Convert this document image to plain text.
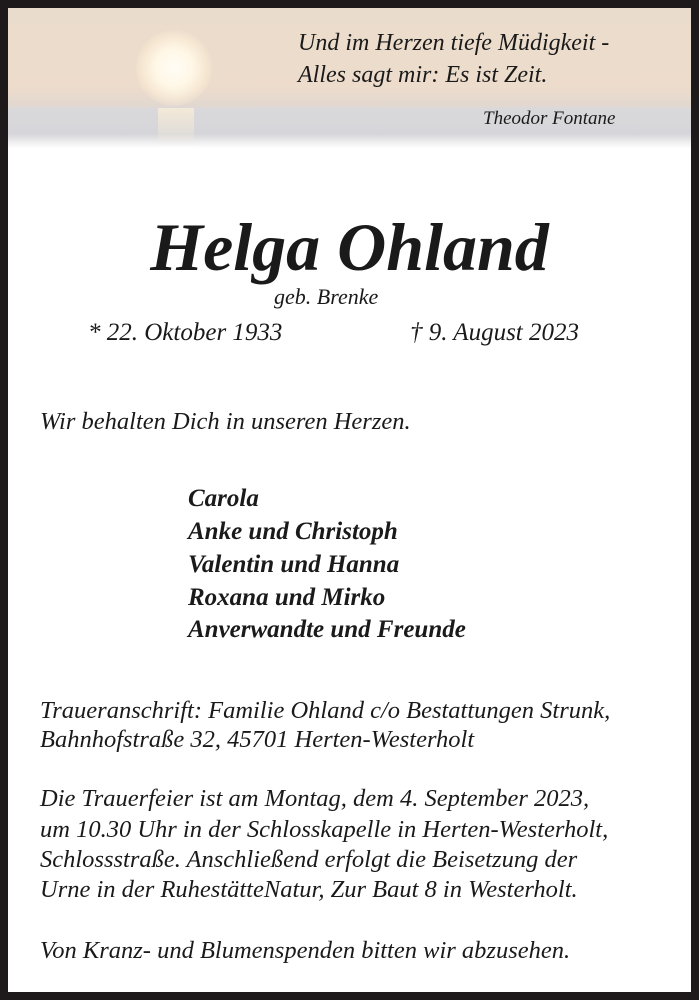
Und im Herzen tiefe Müdigkeit -
Alles sagt mir: Es ist Zeit.
Theodor Fontane
Helga Ohland
geb. Brenke
* 22. Oktober 1933	† 9. August 2023
Wir behalten Dich in unseren Herzen.
Carola
Anke und Christoph
Valentin und Hanna
Roxana und Mirko
Anverwandte und Freunde
Traueranschrift: Familie Ohland c/o Bestattungen Strunk,
Bahnhofstraße 32, 45701 Herten-Westerholt
Die Trauerfeier ist am Montag, dem 4. September 2023,
um 10.30 Uhr in der Schlosskapelle in Herten-Westerholt,
Schlossstraße. Anschließend erfolgt die Beisetzung der
Urne in der RuhestätteNatur, Zur Baut 8 in Westerholt.
Von Kranz- und Blumenspenden bitten wir abzusehen.
